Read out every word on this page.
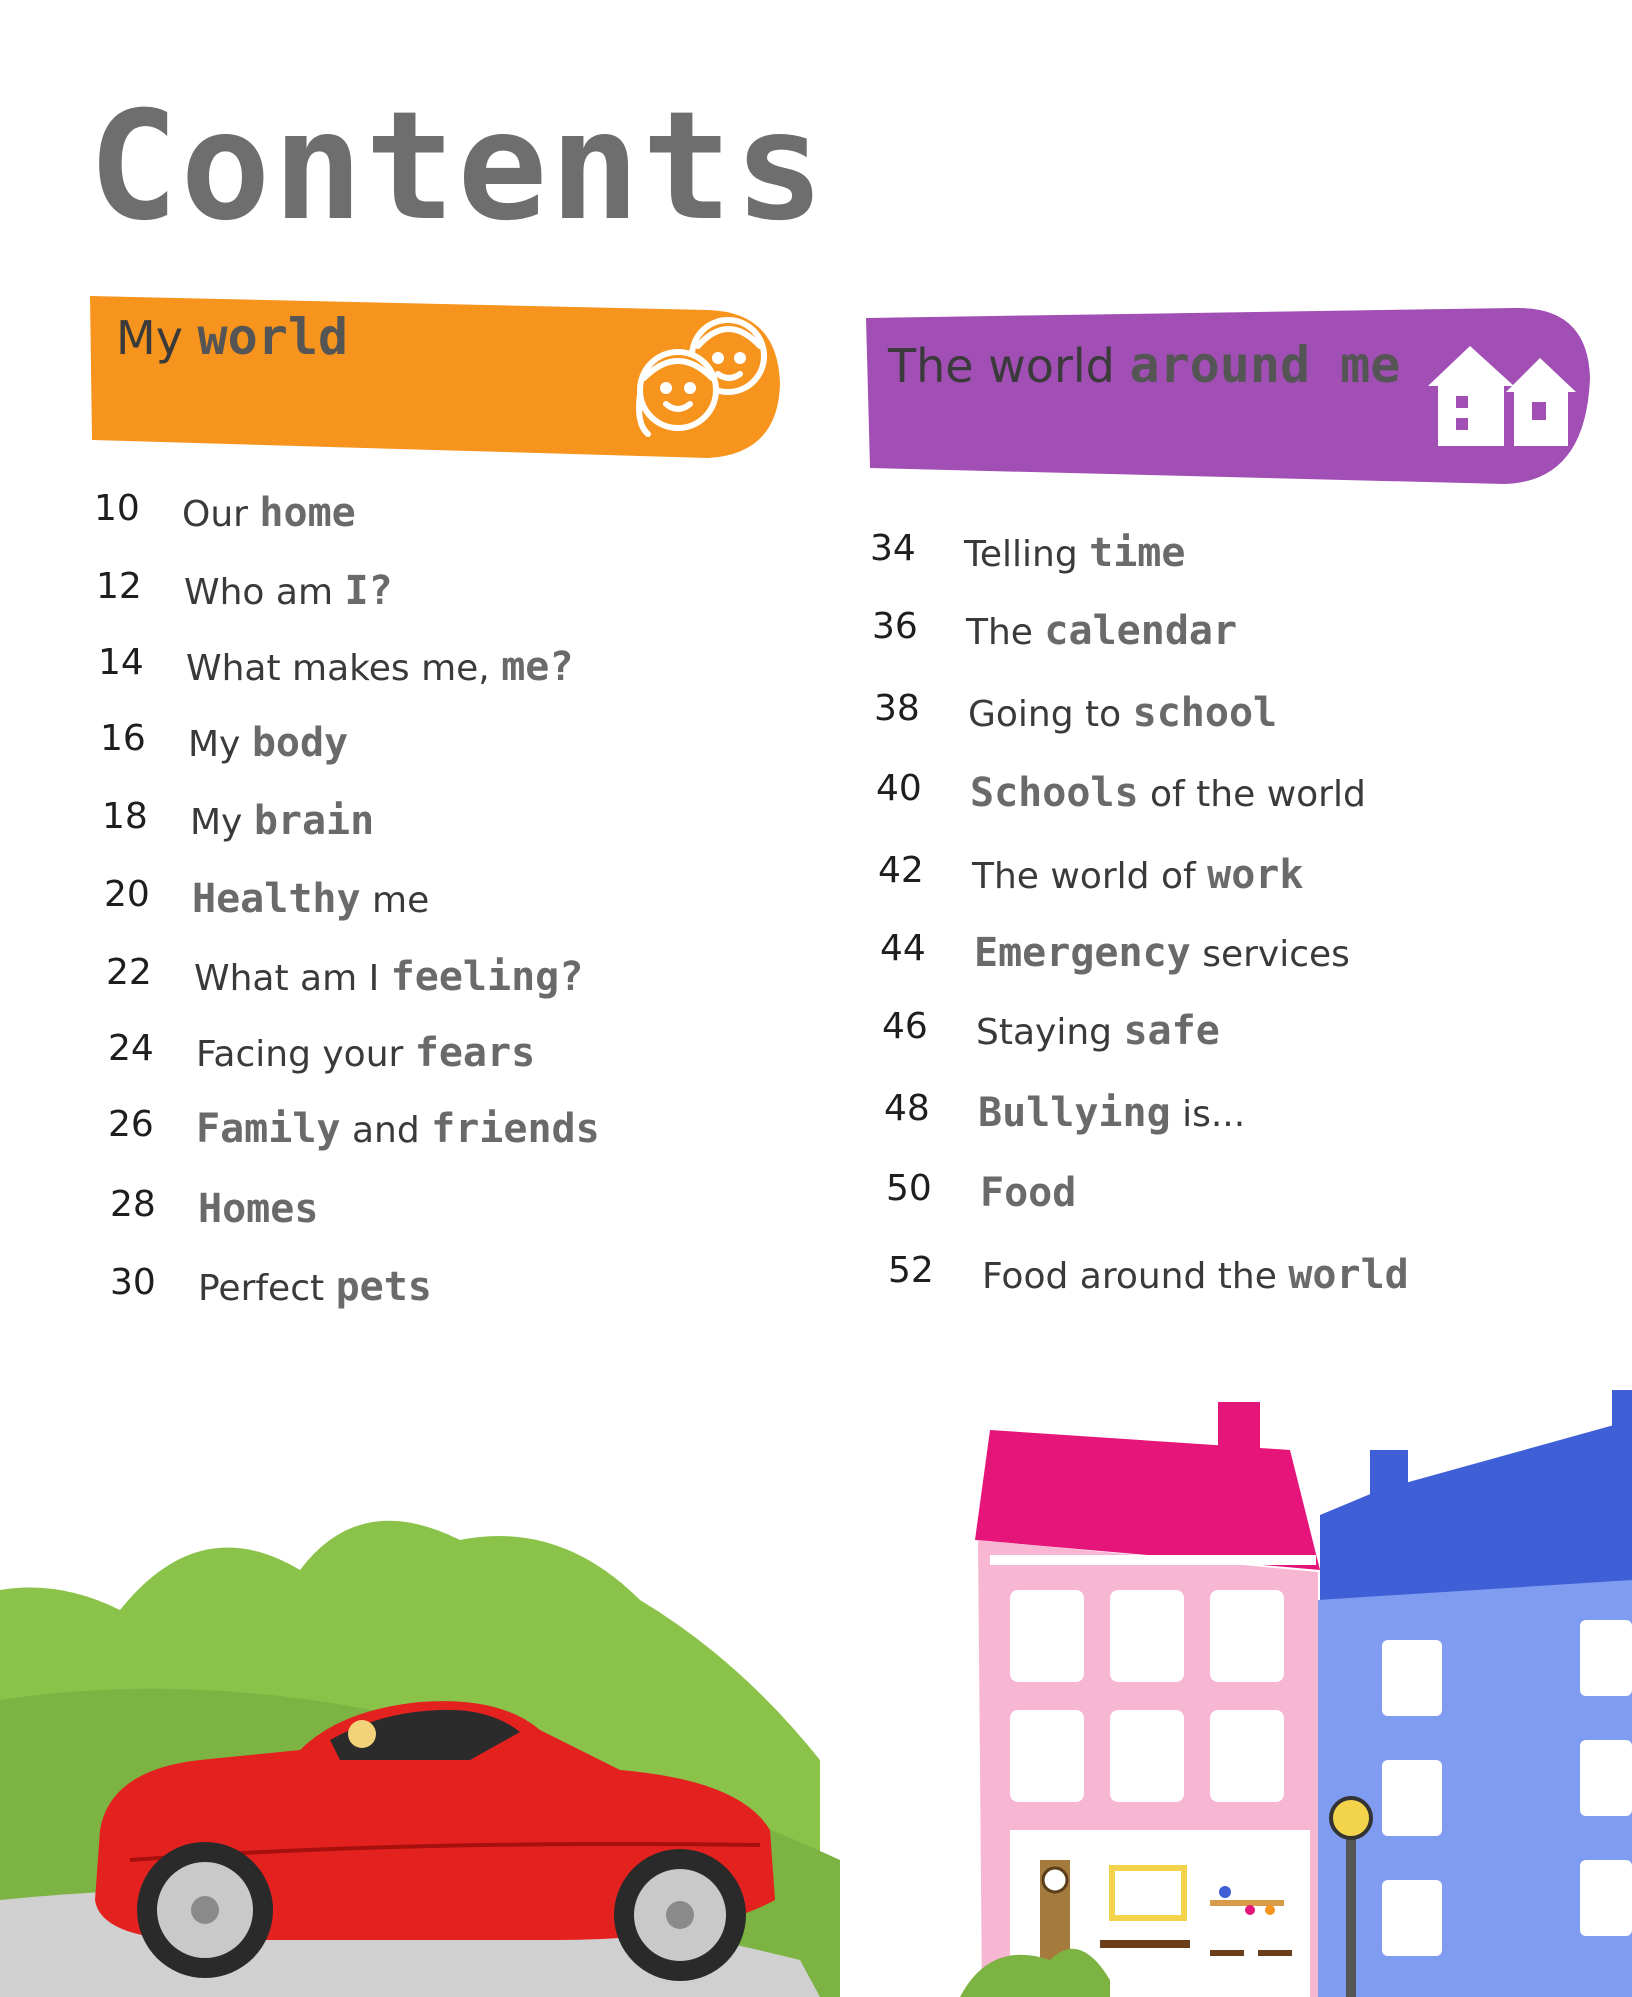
Contents
My world	The world around me
10 Our home
12 Who am I?
14 What makes me, me?
16 My body
18 My brain
20 Healthy me
22 What am I feeling?
24 Facing your fears
26 Family and friends
28 Homes
30 Perfect pets
34 Telling time
36 The calendar
38 Going to school
40 Schools of the world
42 The world of work
44 Emergency services
46 Staying safe
48 Bullying is...
50 Food
52 Food around the world
